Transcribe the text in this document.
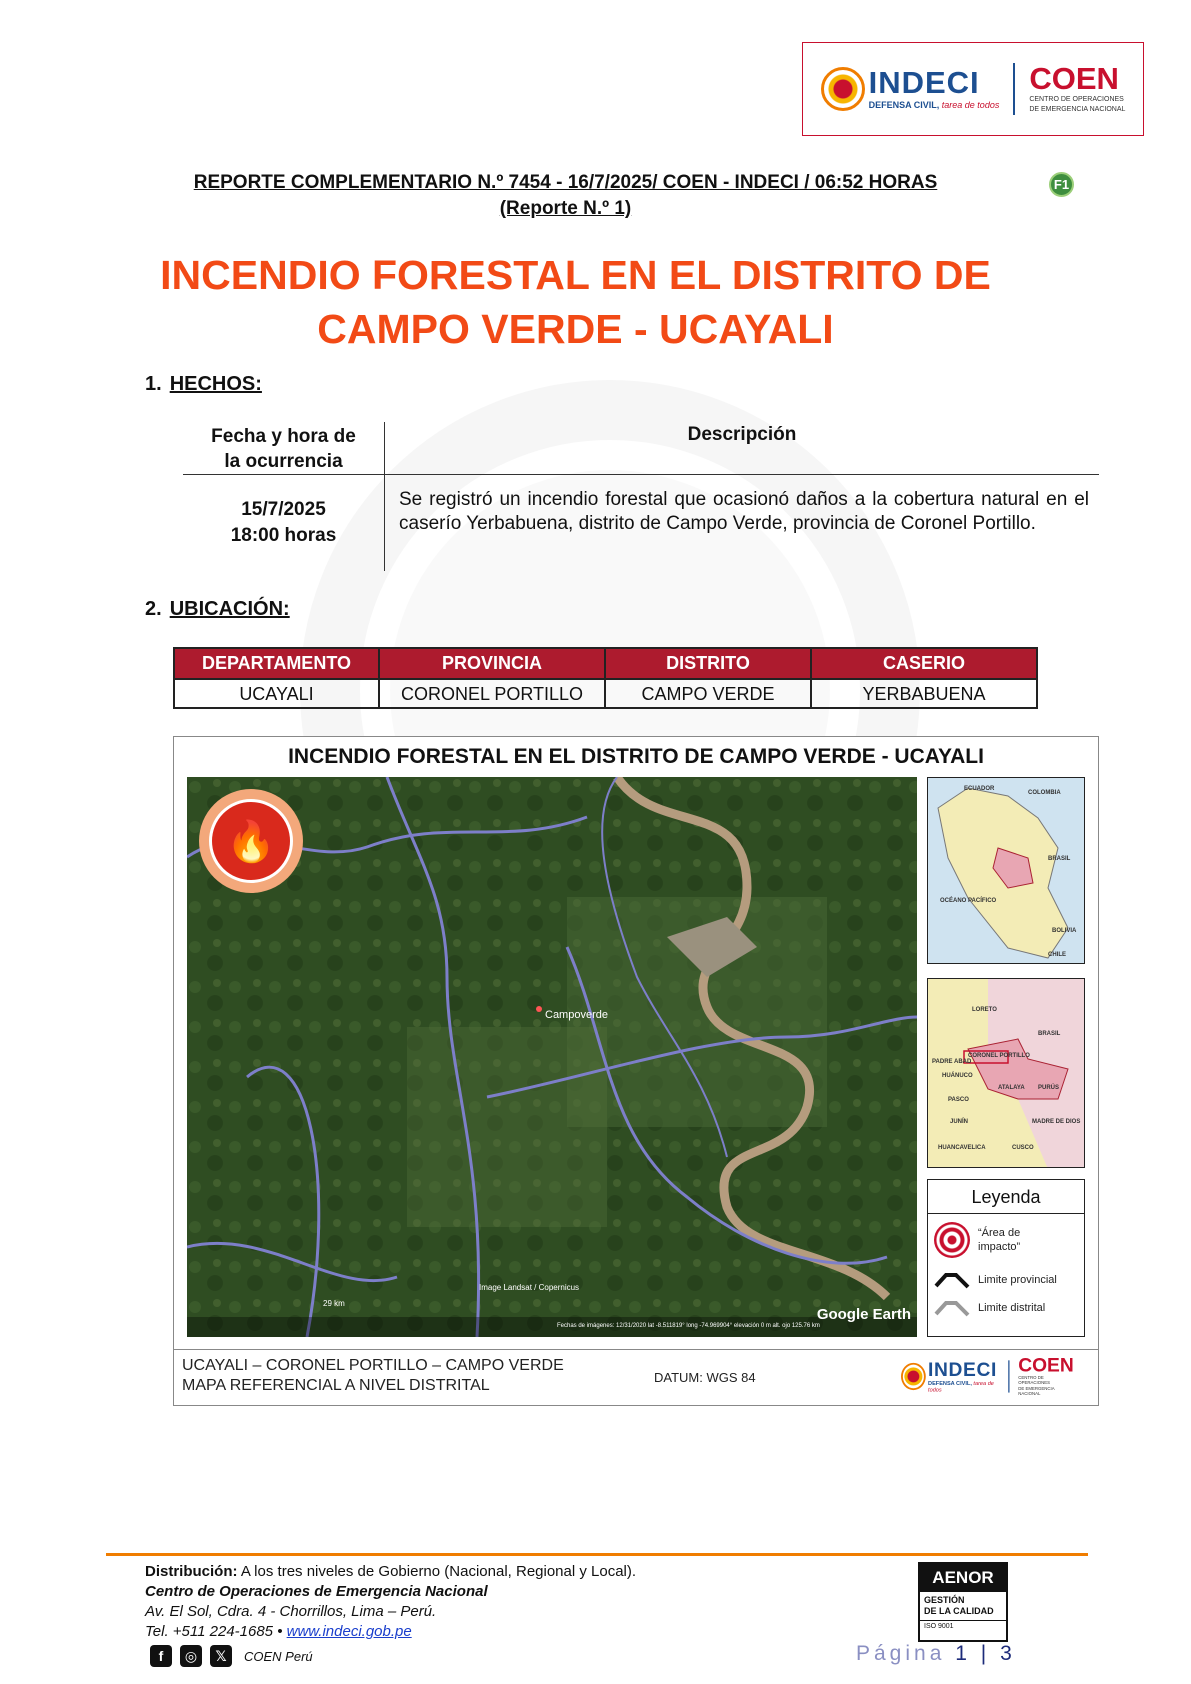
INDECI
DEFENSA CIVIL, tarea de todos
COEN
CENTRO DE OPERACIONES
DE EMERGENCIA NACIONAL
REPORTE COMPLEMENTARIO N.º 7454 - 16/7/2025/ COEN - INDECI / 06:52 HORAS
(Reporte N.º 1)
F1
INCENDIO FORESTAL EN EL DISTRITO DE
CAMPO VERDE - UCAYALI
1. HECHOS:
Fecha y hora de
la ocurrencia
Descripción
15/7/2025
18:00 horas
Se registró un incendio forestal que ocasionó daños a la cobertura natural en el caserío Yerbabuena, distrito de Campo Verde, provincia de Coronel Portillo.
2. UBICACIÓN:
DEPARTAMENTO	PROVINCIA	DISTRITO	CASERIO
UCAYALI	CORONEL PORTILLO	CAMPO VERDE	YERBABUENA
INCENDIO FORESTAL EN EL DISTRITO DE CAMPO VERDE - UCAYALI
🔥
Campoverde
29 km
Image Landsat / Copernicus
Fechas de imágenes: 12/31/2020 lat -8.511819° long -74.969904° elevación 0 m alt. ojo 125.76 km
Google Earth
ECUADOR
COLOMBIA
BRASIL
OCÉANO PACÍFICO
BOLIVIA
CHILE
LORETO
BRASIL
CORONEL PORTILLO
PADRE ABAD
HUÁNUCO
ATALAYA PURÚS
PASCO
JUNÍN	MADRE DE DIOS
CUSCO
HUANCAVELICA
Leyenda
“Área de impacto”
Limite provincial
Limite distrital
UCAYALI – CORONEL PORTILLO – CAMPO VERDE
MAPA REFERENCIAL A NIVEL DISTRITAL	DATUM: WGS 84	INDECI
DEFENSA CIVIL, tarea de todos
COEN
CENTRO DE OPERACIONES
DE EMERGENCIA NACIONAL
Distribución: A los tres niveles de Gobierno (Nacional, Regional y Local).
Centro de Operaciones de Emergencia Nacional
Av. El Sol, Cdra. 4 - Chorrillos, Lima – Perú.
Tel. +511 224-1685 • www.indeci.gob.pe
f	◎	𝕏	COEN Perú
AENOR
GESTIÓN
DE LA CALIDAD
ISO 9001
Página 1 | 3
